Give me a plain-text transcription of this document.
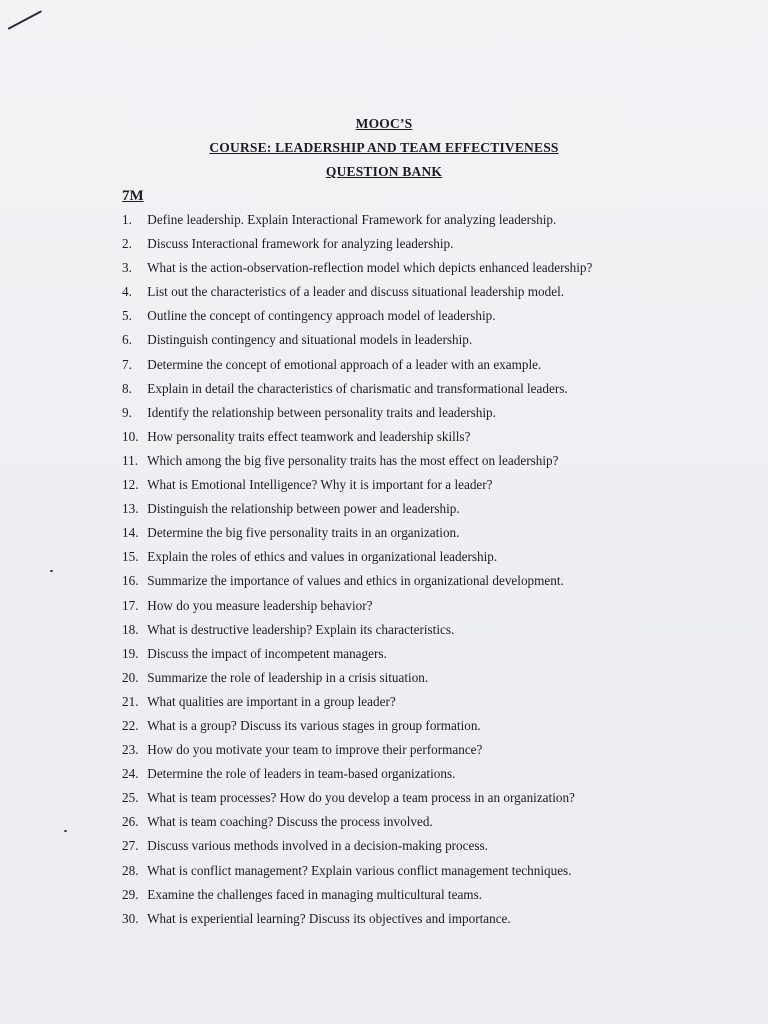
MOOC’S
COURSE: LEADERSHIP AND TEAM EFFECTIVENESS
QUESTION BANK
7M
1. Define leadership. Explain Interactional Framework for analyzing leadership.
2. Discuss Interactional framework for analyzing leadership.
3. What is the action-observation-reflection model which depicts enhanced leadership?
4. List out the characteristics of a leader and discuss situational leadership model.
5. Outline the concept of contingency approach model of leadership.
6. Distinguish contingency and situational models in leadership.
7. Determine the concept of emotional approach of a leader with an example.
8. Explain in detail the characteristics of charismatic and transformational leaders.
9. Identify the relationship between personality traits and leadership.
10. How personality traits effect teamwork and leadership skills?
11. Which among the big five personality traits has the most effect on leadership?
12. What is Emotional Intelligence? Why it is important for a leader?
13. Distinguish the relationship between power and leadership.
14. Determine the big five personality traits in an organization.
15. Explain the roles of ethics and values in organizational leadership.
16. Summarize the importance of values and ethics in organizational development.
17. How do you measure leadership behavior?
18. What is destructive leadership? Explain its characteristics.
19. Discuss the impact of incompetent managers.
20. Summarize the role of leadership in a crisis situation.
21. What qualities are important in a group leader?
22. What is a group? Discuss its various stages in group formation.
23. How do you motivate your team to improve their performance?
24. Determine the role of leaders in team-based organizations.
25. What is team processes? How do you develop a team process in an organization?
26. What is team coaching? Discuss the process involved.
27. Discuss various methods involved in a decision-making process.
28. What is conflict management? Explain various conflict management techniques.
29. Examine the challenges faced in managing multicultural teams.
30. What is experiential learning? Discuss its objectives and importance.
